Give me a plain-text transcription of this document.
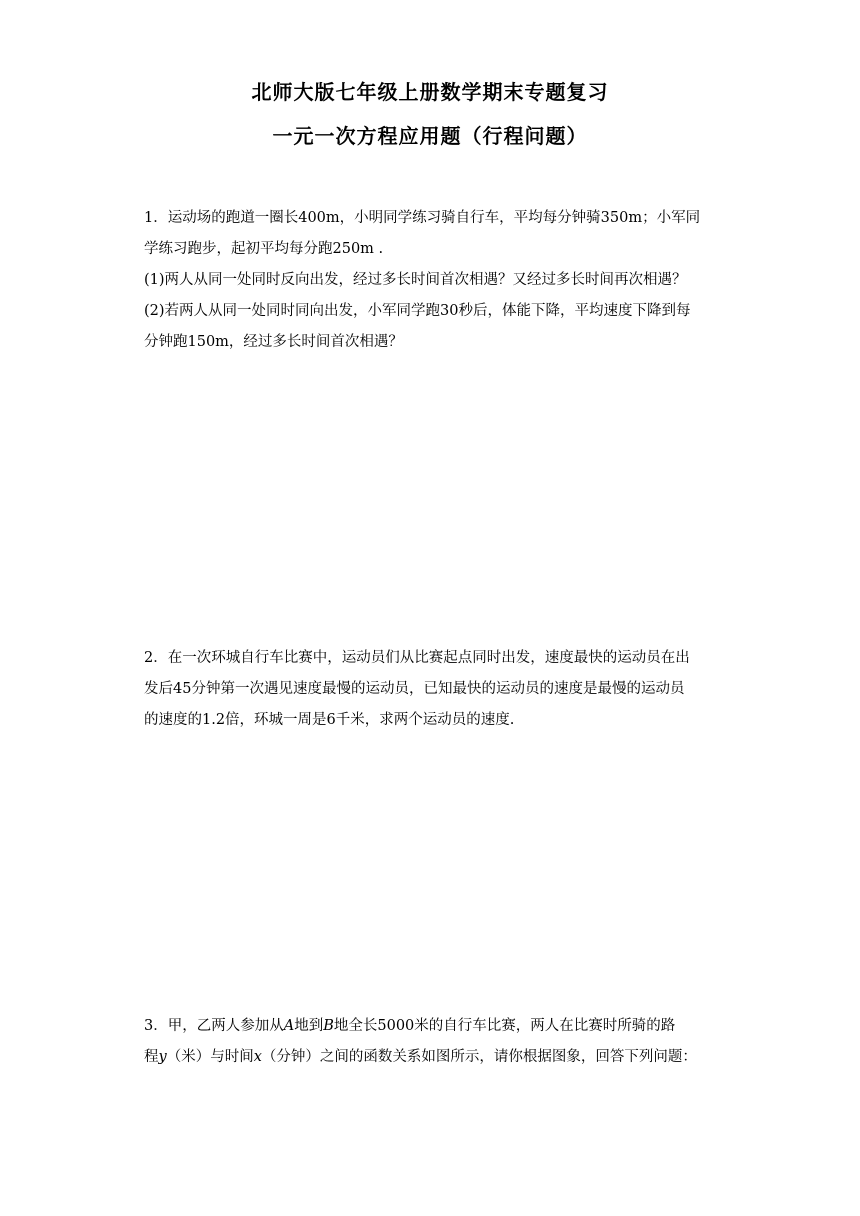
北师大版七年级上册数学期末专题复习
一元一次方程应用题（行程问题）
1．运动场的跑道一圈长400m，小明同学练习骑自行车，平均每分钟骑350m；小军同
学练习跑步，起初平均每分跑250m .
(1)两人从同一处同时反向出发，经过多长时间首次相遇？又经过多长时间再次相遇？
(2)若两人从同一处同时同向出发，小军同学跑30秒后，体能下降，平均速度下降到每
分钟跑150m，经过多长时间首次相遇？
2．在一次环城自行车比赛中，运动员们从比赛起点同时出发，速度最快的运动员在出
发后45分钟第一次遇见速度最慢的运动员，已知最快的运动员的速度是最慢的运动员
的速度的1.2倍，环城一周是6千米，求两个运动员的速度.
3．甲，乙两人参加从A地到B地全长5000米的自行车比赛，两人在比赛时所骑的路
程y（米）与时间x（分钟）之间的函数关系如图所示，请你根据图象，回答下列问题：
